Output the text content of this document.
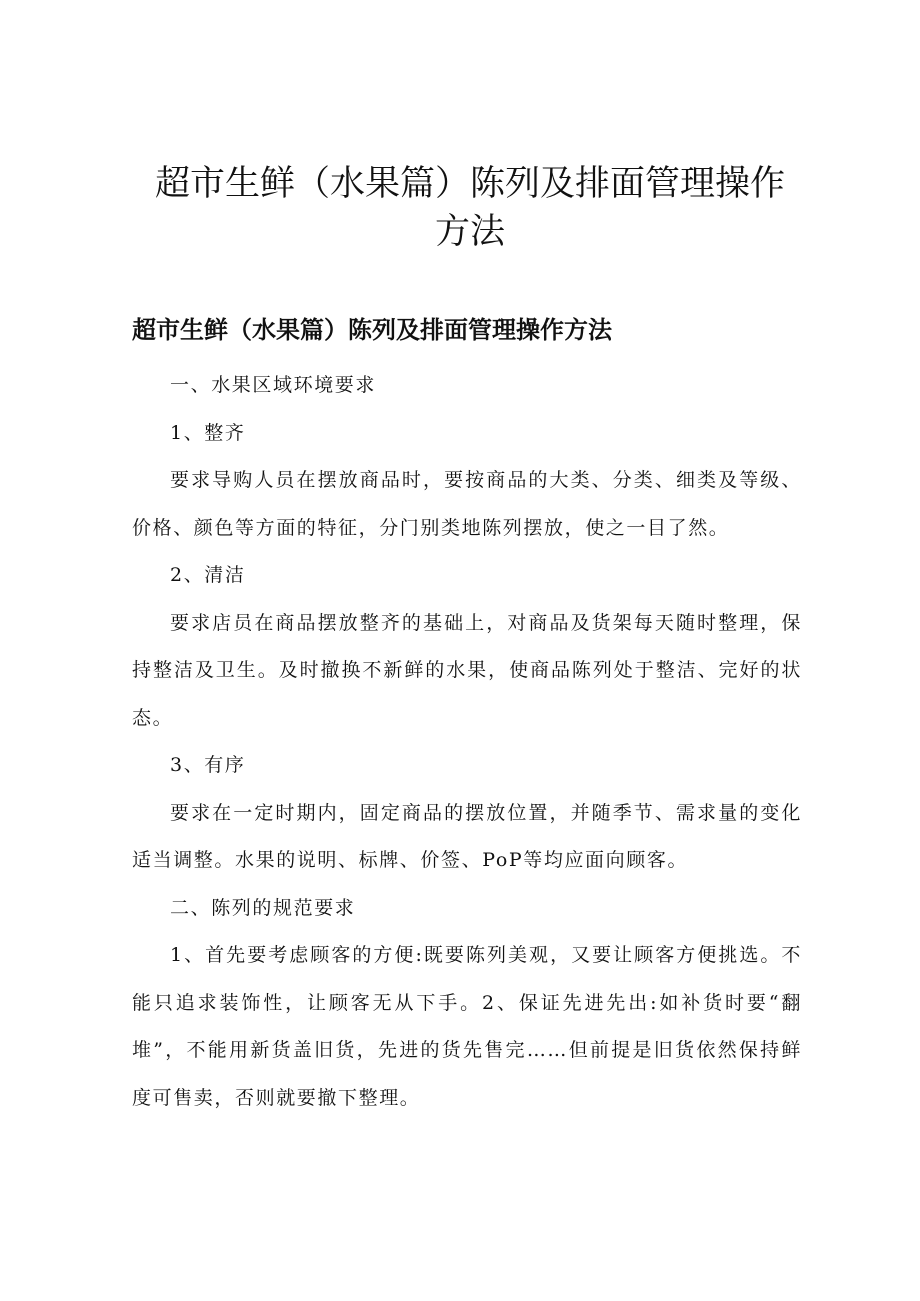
超市生鲜（水果篇）陈列及排面管理操作方法
超市生鲜（水果篇）陈列及排面管理操作方法

一、水果区域环境要求

1、整齐

要求导购人员在摆放商品时，要按商品的大类、分类、细类及等级、价格、颜色等方面的特征，分门别类地陈列摆放，使之一目了然。

2、清洁

要求店员在商品摆放整齐的基础上，对商品及货架每天随时整理，保持整洁及卫生。及时撤换不新鲜的水果，使商品陈列处于整洁、完好的状态。

3、有序

要求在一定时期内，固定商品的摆放位置，并随季节、需求量的变化适当调整。水果的说明、标牌、价签、PoP等均应面向顾客。

二、陈列的规范要求

1、首先要考虑顾客的方便:既要陈列美观，又要让顾客方便挑选。不能只追求装饰性，让顾客无从下手。2、保证先进先出:如补货时要“翻堆”，不能用新货盖旧货，先进的货先售完……但前提是旧货依然保持鲜度可售卖，否则就要撤下整理。
